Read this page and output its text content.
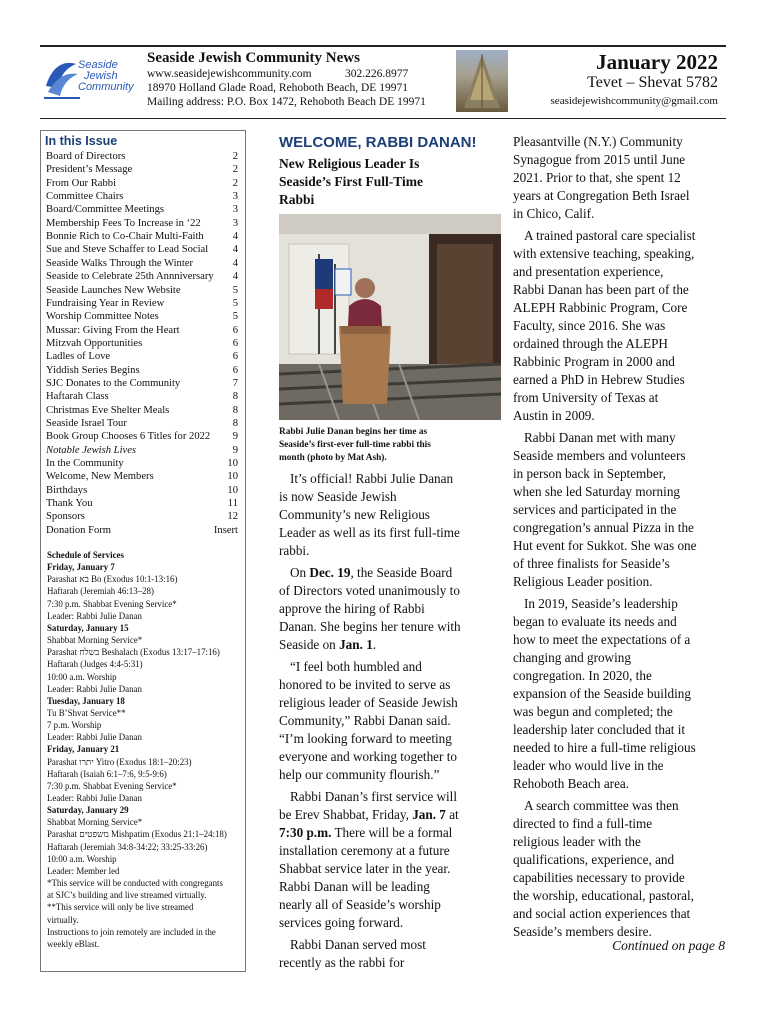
Seaside
Jewish
Community
Seaside Jewish Community News
www.seasidejewishcommunity.com	302.226.8977
18970 Holland Glade Road, Rehoboth Beach, DE 19971
Mailing address: P.O. Box 1472, Rehoboth Beach DE 19971
January 2022
Tevet – Shevat 5782
seasidejewishcommunity@gmail.com
In this Issue
Board of Directors	2
President’s Message	2
From Our Rabbi	2
Committee Chairs	3
Board/Committee Meetings	3
Membership Fees To Increase in ‘22	3
Bonnie Rich to Co-Chair Multi-Faith	4
Sue and Steve Schaffer to Lead Social 4
Seaside Walks Through the Winter	4
Seaside to Celebrate 25th Annniversary 4
Seaside Launches New Website	5
Fundraising Year in Review	5
Worship Committee Notes	5
Mussar: Giving From the Heart	6
Mitzvah Opportunities	6
Ladles of Love	6
Yiddish Series Begins	6
SJC Donates to the Community	7
Haftarah Class	8
Christmas Eve Shelter Meals	8
Seaside Israel Tour	8
Book Group Chooses 6 Titles for 2022 9
Notable Jewish Lives	9
In the Community	10
Welcome, New Members	10
Birthdays	10
Thank You	11
Sponsors	12
Donation Form	Insert
Schedule of Services
Friday, January 7
Parashat בא Bo (Exodus 10:1-13:16)
Haftarah (Jeremiah 46:13–28)
7:30 p.m. Shabbat Evening Service*
Leader: Rabbi Julie Danan
Saturday, January 15
Shabbat Morning Service*
Parashat בשלח Beshalach (Exodus 13:17–17:16)
Haftarah (Judges 4:4-5:31)
10:00 a.m. Worship
Leader: Rabbi Julie Danan
Tuesday, January 18
Tu B’Shvat Service**
7 p.m. Worship
Leader: Rabbi Julie Danan
Friday, January 21
Parashat יתרו Yitro (Exodus 18:1–20:23)
Haftarah (Isaiah 6:1–7:6, 9:5-9:6)
7:30 p.m. Shabbat Evening Service*
Leader: Rabbi Julie Danan
Saturday, January 29
Shabbat Morning Service*
Parashat משפטים Mishpatim (Exodus 21:1–24:18)
Haftarah (Jeremiah 34:8-34:22; 33:25-33:26)
10:00 a.m. Worship
Leader: Member led
*This service will be conducted with congregants
at SJC’s building and live streamed virtually.
**This service will only be live streamed
virtually.
Instructions to join remotely are included in the
weekly eBlast.
WELCOME, RABBI DANAN!
New Religious Leader Is
Seaside’s First Full-Time
Rabbi
Rabbi Julie Danan begins her time as
Seaside’s first-ever full-time rabbi this
month (photo by Mat Ash).
It’s official! Rabbi Julie Danan
is now Seaside Jewish
Community’s new Religious
Leader as well as its first full-time
rabbi.
On Dec. 19, the Seaside Board
of Directors voted unanimously to
approve the hiring of Rabbi
Danan. She begins her tenure with
Seaside on Jan. 1.
“I feel both humbled and
honored to be invited to serve as
religious leader of Seaside Jewish
Community,” Rabbi Danan said.
“I’m looking forward to meeting
everyone and working together to
help our community flourish.”
Rabbi Danan’s first service will
be Erev Shabbat, Friday, Jan. 7 at
7:30 p.m. There will be a formal
installation ceremony at a future
Shabbat service later in the year.
Rabbi Danan will be leading
nearly all of Seaside’s worship
services going forward.
Rabbi Danan served most
recently as the rabbi for
Pleasantville (N.Y.) Community
Synagogue from 2015 until June
2021. Prior to that, she spent 12
years at Congregation Beth Israel
in Chico, Calif.
A trained pastoral care specialist
with extensive teaching, speaking,
and presentation experience,
Rabbi Danan has been part of the
ALEPH Rabbinic Program, Core
Faculty, since 2016. She was
ordained through the ALEPH
Rabbinic Program in 2000 and
earned a PhD in Hebrew Studies
from University of Texas at
Austin in 2009.
Rabbi Danan met with many
Seaside members and volunteers
in person back in September,
when she led Saturday morning
services and participated in the
congregation’s annual Pizza in the
Hut event for Sukkot. She was one
of three finalists for Seaside’s
Religious Leader position.
In 2019, Seaside’s leadership
began to evaluate its needs and
how to meet the expectations of a
changing and growing
congregation. In 2020, the
expansion of the Seaside building
was begun and completed; the
leadership later concluded that it
needed to hire a full-time religious
leader who would live in the
Rehoboth Beach area.
A search committee was then
directed to find a full-time
religious leader with the
qualifications, experience, and
capabilities necessary to provide
the worship, educational, pastoral,
and social action experiences that
Seaside’s members desire.
Continued on page 8
